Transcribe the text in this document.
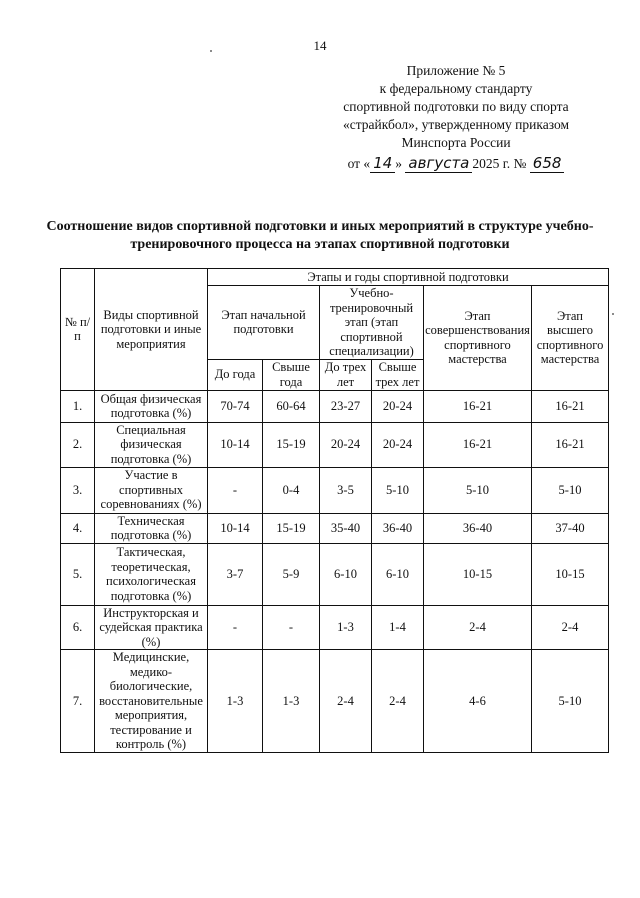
14
Приложение № 5
к федеральному стандарту
спортивной подготовки по виду спорта
«страйкбол», утвержденному приказом
Минспорта России
от « 14 » августа 2025 г. № 658
Соотношение видов спортивной подготовки и иных мероприятий в структуре учебно-тренировочного процесса на этапах спортивной подготовки
№ п/п	Виды спортивной подготовки и иные мероприятия	Этапы и годы спортивной подготовки					
		Этап начальной подготовки		Учебно-тренировочный этап (этап спортивной специализации)		Этап совершенствования спортивного мастерства	Этап высшего спортивного мастерства
		До года	Свыше года	До трех лет	Свыше трех лет		
1.	Общая физическая подготовка (%)	70-74	60-64	23-27	20-24	16-21	16-21
2.	Специальная физическая подготовка (%)	10-14	15-19	20-24	20-24	16-21	16-21
3.	Участие в спортивных соревнованиях (%)	-	0-4	3-5	5-10	5-10	5-10
4.	Техническая подготовка (%)	10-14	15-19	35-40	36-40	36-40	37-40
5.	Тактическая, теоретическая, психологическая подготовка (%)	3-7	5-9	6-10	6-10	10-15	10-15
6.	Инструкторская и судейская практика (%)	-	-	1-3	1-4	2-4	2-4
7.	Медицинские, медико-биологические, восстановительные мероприятия, тестирование и контроль (%)	1-3	1-3	2-4	2-4	4-6	5-10
